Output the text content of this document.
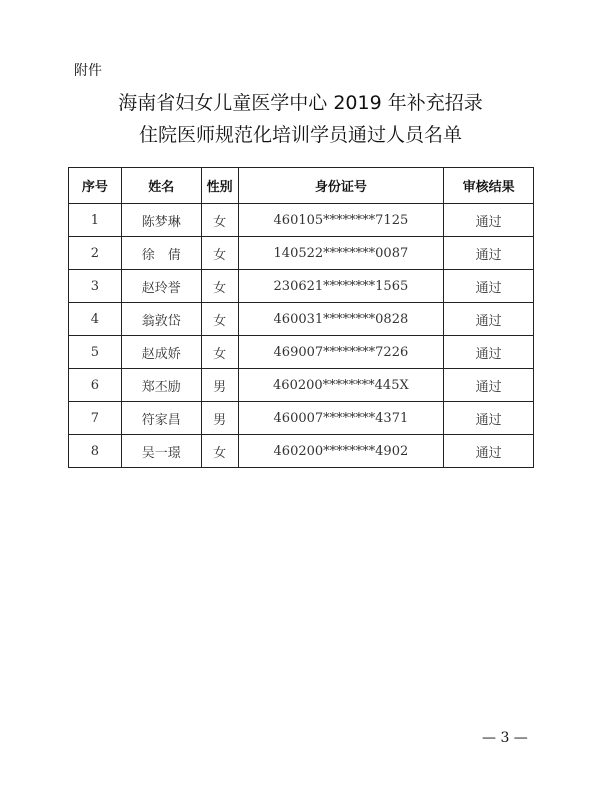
附件
海南省妇女儿童医学中心 2019 年补充招录
住院医师规范化培训学员通过人员名单
序号	姓名	性别	身份证号	审核结果
1	陈梦琳	女	460105********7125	通过
2	徐　倩	女	140522********0087	通过
3	赵玲誉	女	230621********1565	通过
4	翁敦岱	女	460031********0828	通过
5	赵成娇	女	469007********7226	通过
6	郑丕励	男	460200********445X	通过
7	符家昌	男	460007********4371	通过
8	吴一璟	女	460200********4902	通过
— 3 —
